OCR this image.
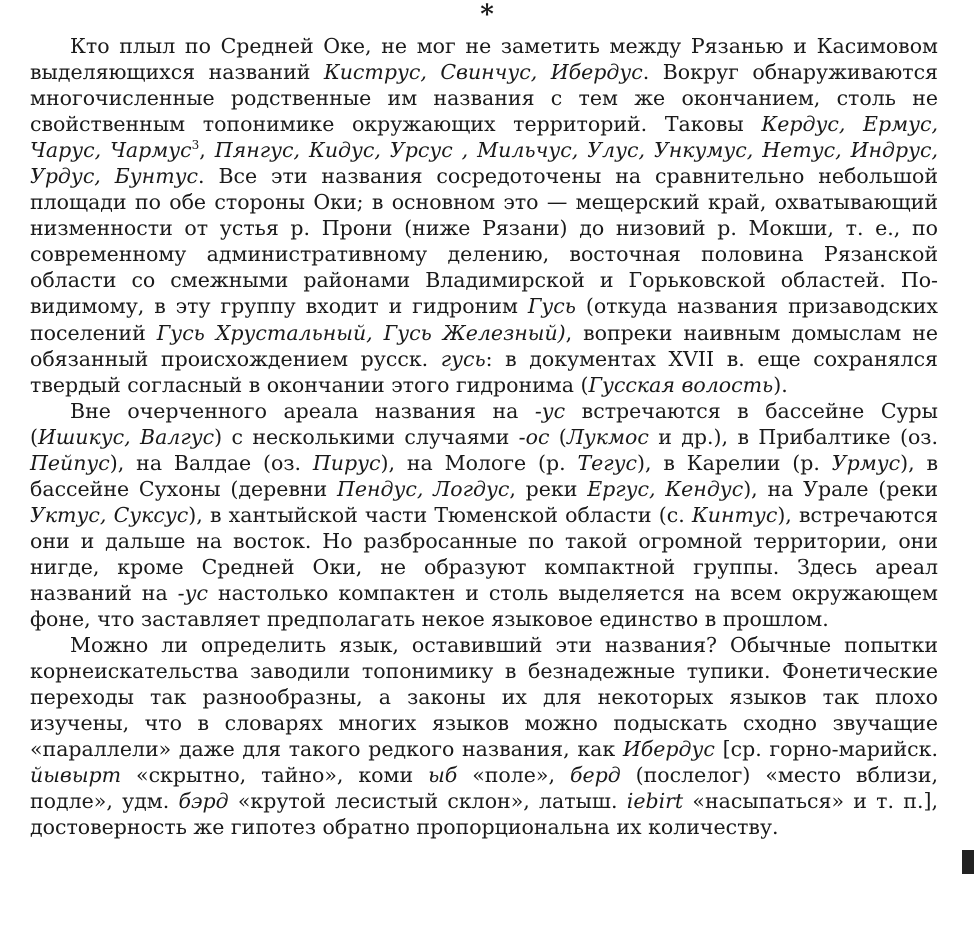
*

Кто плыл по Средней Оке, не мог не заметить между Рязанью и Касимовом выделяющихся названий Киструс, Свинчус, Ибердус. Вокруг обнаруживаются многочисленные родственные им названия с тем же окончанием, столь не свойственным топонимике окружающих территорий. Таковы Кердус, Ермус, Чарус, Чармус$^3$, Пянгус, Кидус, Урсус , Мильчус, Улус, Ункумус, Нетус, Индрус, Урдус, Бунтус. Все эти названия сосредоточены на сравнительно небольшой площади по обе стороны Оки; в основном это — мещерский край, охватывающий низменности от устья р. Прони (ниже Рязани) до низовий р. Мокши, т. е., по современному административному делению, восточная половина Рязанской области со смежными районами Владимирской и Горьковской областей. По-видимому, в эту группу входит и гидроним Гусь (откуда названия призаводских поселений Гусь Хрустальный, Гусь Железный), вопреки наивным домыслам не обязанный происхождением русск. гусь: в документах XVII в. еще сохранялся твердый согласный в окончании этого гидронима (Гусская волость).

Вне очерченного ареала названия на -ус встречаются в бассейне Суры (Ишикус, Валгус) с несколькими случаями -ос (Лукмос и др.), в Прибалтике (оз. Пейпус), на Валдае (оз. Пирус), на Мологе (р. Тегус), в Карелии (р. Урмус), в бассейне Сухоны (деревни Пендус, Логдус, реки Ергус, Кендус), на Урале (реки Уктус, Суксус), в хантыйской части Тюменской области (с. Кинтус), встречаются они и дальше на восток. Но разбросанные по такой огромной территории, они нигде, кроме Средней Оки, не образуют компактной группы. Здесь ареал названий на -ус настолько компактен и столь выделяется на всем окружающем фоне, что заставляет предполагать некое языковое единство в прошлом.

Можно ли определить язык, оставивший эти названия? Обычные попытки корнеискательства заводили топонимику в безнадежные тупики. Фонетические переходы так разнообразны, а законы их для некоторых языков так плохо изучены, что в словарях многих языков можно подыскать сходно звучащие «параллели» даже для такого редкого названия, как Ибердус [ср. горно-марийск. йывырт «скрытно, тайно», коми ыб «поле», берд (послелог) «место вблизи, подле», удм. бэрд «крутой лесистый склон», латыш. iebirt «насыпаться» и т. п.], достоверность же гипотез обратно пропорциональна их количеству.
